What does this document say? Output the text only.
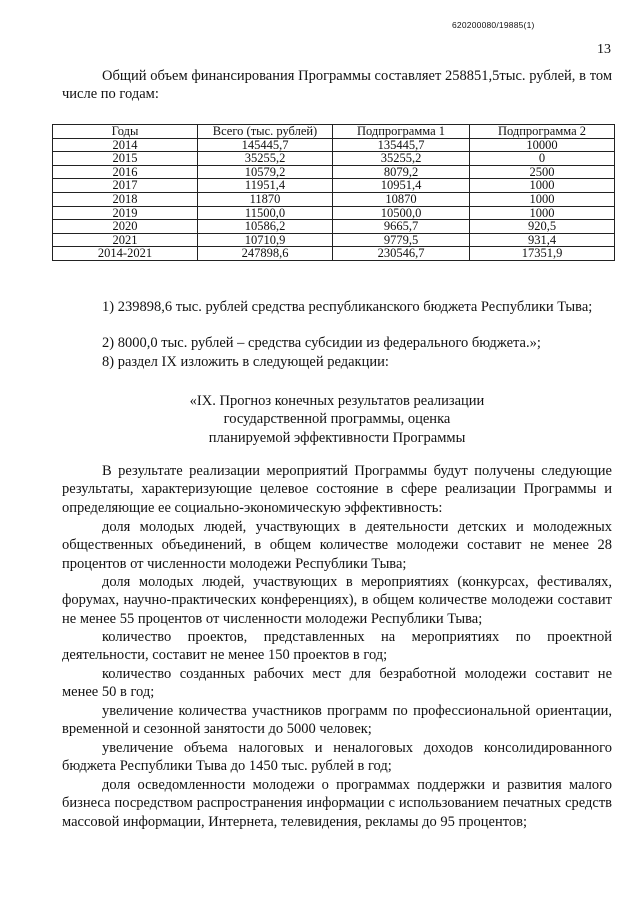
620200080/19885(1)
13

Общий объем финансирования Программы составляет 258851,5тыс. рублей, в том числе по годам:

Годы	Всего (тыс. рублей)	Подпрограмма 1	Подпрограмма 2
2014	145445,7	135445,7	10000
2015	35255,2	35255,2	0
2016	10579,2	8079,2	2500
2017	11951,4	10951,4	1000
2018	11870	10870	1000
2019	11500,0	10500,0	1000
2020	10586,2	9665,7	920,5
2021	10710,9	9779,5	931,4
2014-2021	247898,6	230546,7	17351,9

1) 239898,6 тыс. рублей средства республиканского бюджета Республики Тыва;

2) 8000,0 тыс. рублей – средства субсидии из федерального бюджета.»;

8) раздел IX изложить в следующей редакции:

«IX. Прогноз конечных результатов реализации
государственной программы, оценка
планируемой эффективности Программы

В результате реализации мероприятий Программы будут получены следующие результаты, характеризующие целевое состояние в сфере реализации Программы и определяющие ее социально-экономическую эффективность:

доля молодых людей, участвующих в деятельности детских и молодежных общественных объединений, в общем количестве молодежи составит не менее 28 процентов от численности молодежи Республики Тыва;

доля молодых людей, участвующих в мероприятиях (конкурсах, фестивалях, форумах, научно-практических конференциях), в общем количестве молодежи составит не менее 55 процентов от численности молодежи Республики Тыва;

количество проектов, представленных на мероприятиях по проектной деятельности, составит не менее 150 проектов в год;

количество созданных рабочих мест для безработной молодежи составит не менее 50 в год;

увеличение количества участников программ по профессиональной ориентации, временной и сезонной занятости до 5000 человек;

увеличение объема налоговых и неналоговых доходов консолидированного бюджета Республики Тыва до 1450 тыс. рублей в год;

доля осведомленности молодежи о программах поддержки и развития малого бизнеса посредством распространения информации с использованием печатных средств массовой информации, Интернета, телевидения, рекламы до 95 процентов;
